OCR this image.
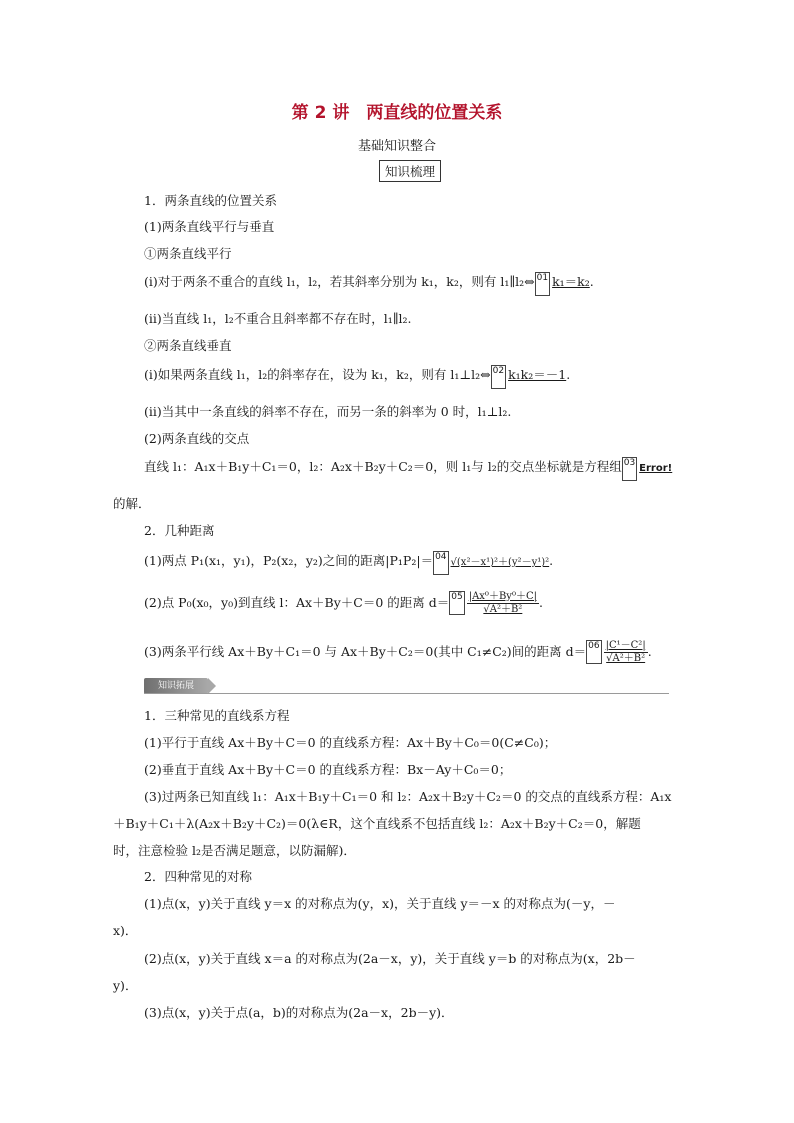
第 2 讲　两直线的位置关系
基础知识整合
知识梳理
1．两条直线的位置关系
(1)两条直线平行与垂直
①两条直线平行
(ⅰ)对于两条不重合的直线 l₁，l₂，若其斜率分别为 k₁，k₂，则有 l₁∥l₂⇔ 01 k₁＝k₂.
(ⅱ)当直线 l₁，l₂不重合且斜率都不存在时，l₁∥l₂.
②两条直线垂直
(ⅰ)如果两条直线 l₁，l₂的斜率存在，设为 k₁，k₂，则有 l₁⊥l₂⇔ 02 k₁k₂＝－1.
(ⅱ)当其中一条直线的斜率不存在，而另一条的斜率为 0 时，l₁⊥l₂.
(2)两条直线的交点
直线 l₁：A₁x＋B₁y＋C₁＝0，l₂：A₂x＋B₂y＋C₂＝0，则 l₁与 l₂的交点坐标就是方程组 03 Error!
的解．
2．几种距离
(1)两点 P₁(x₁，y₁)，P₂(x₂，y₂)之间的距离|P₁P₂|＝ 04 √(x²－x¹)²＋(y²－y¹)².
(2)点 P₀(x₀，y₀)到直线 l：Ax＋By＋C＝0 的距离 $d= 05 \frac{\text{|Ax⁰＋By⁰＋C|}}{\text{√A²＋B²}}$ .
(3)两条平行线 Ax＋By＋C₁＝0 与 Ax＋By＋C₂＝0(其中 C₁≠C₂)间的距离 $d= 06 \frac{\text{|C¹－C²|}}{\text{√A²＋B²}}$ .
知识拓展
1．三种常见的直线系方程
(1)平行于直线 Ax＋By＋C＝0 的直线系方程：Ax＋By＋C₀＝0(C≠C₀)；
(2)垂直于直线 Ax＋By＋C＝0 的直线系方程：Bx－Ay＋C₀＝0；
(3)过两条已知直线 l₁：A₁x＋B₁y＋C₁＝0 和 l₂：A₂x＋B₂y＋C₂＝0 的交点的直线系方程：A₁x
＋B₁y＋C₁＋λ(A₂x＋B₂y＋C₂)＝0(λ∈R，这个直线系不包括直线 l₂：A₂x＋B₂y＋C₂＝0，解题
时，注意检验 l₂是否满足题意，以防漏解)．
2．四种常见的对称
(1)点(x，y)关于直线 y＝x 的对称点为(y，x)，关于直线 y＝－x 的对称点为(－y，－
x)．
(2)点(x，y)关于直线 x＝a 的对称点为(2a－x，y)，关于直线 y＝b 的对称点为(x，2b－
y)．
(3)点(x，y)关于点(a，b)的对称点为(2a－x，2b－y)．
